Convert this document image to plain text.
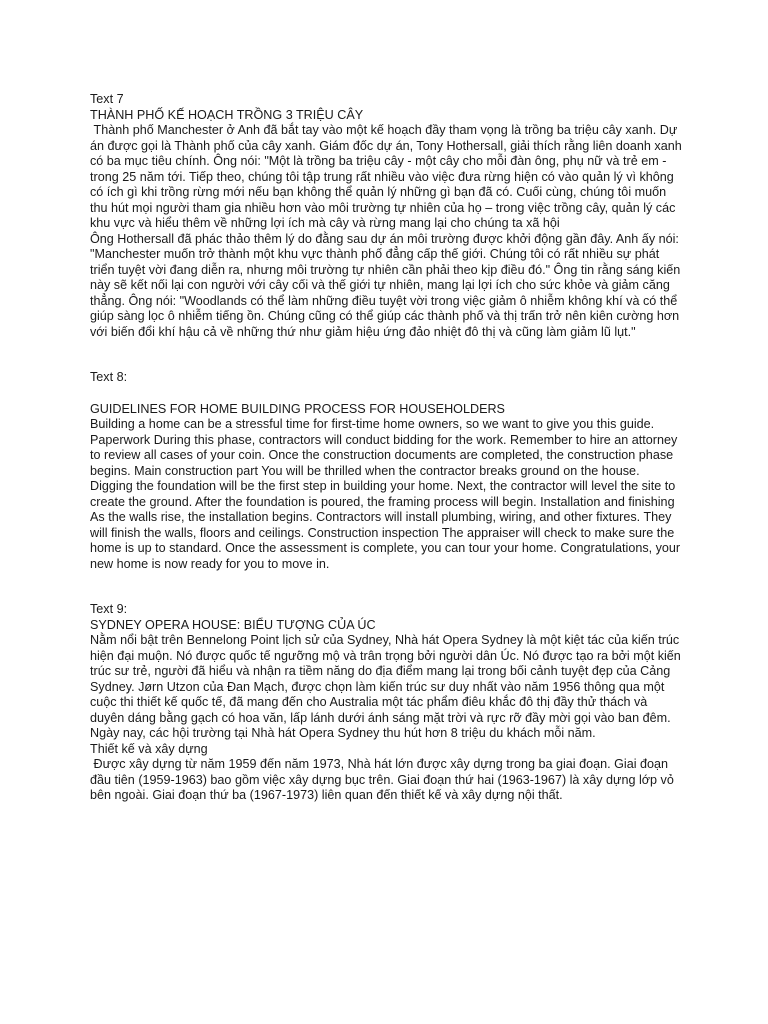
Text 7

THÀNH PHỐ KẾ HOẠCH TRỒNG 3 TRIỆU CÂY

Thành phố Manchester ở Anh đã bắt tay vào một kế hoạch đầy tham vọng là trồng ba triệu cây xanh. Dự án được gọi là Thành phố của cây xanh. Giám đốc dự án, Tony Hothersall, giải thích rằng liên doanh xanh có ba mục tiêu chính. Ông nói: "Một là trồng ba triệu cây - một cây cho mỗi đàn ông, phụ nữ và trẻ em - trong 25 năm tới. Tiếp theo, chúng tôi tập trung rất nhiều vào việc đưa rừng hiện có vào quản lý vì không có ích gì khi trồng rừng mới nếu bạn không thể quản lý những gì bạn đã có. Cuối cùng, chúng tôi muốn thu hút mọi người tham gia nhiều hơn vào môi trường tự nhiên của họ – trong việc trồng cây, quản lý các khu vực và hiểu thêm về những lợi ích mà cây và rừng mang lại cho chúng ta xã hội

Ông Hothersall đã phác thảo thêm lý do đằng sau dự án môi trường được khởi động gần đây. Anh ấy nói: "Manchester muốn trở thành một khu vực thành phố đẳng cấp thế giới. Chúng tôi có rất nhiều sự phát triển tuyệt vời đang diễn ra, nhưng môi trường tự nhiên cần phải theo kịp điều đó." Ông tin rằng sáng kiến này sẽ kết nối lại con người với cây cối và thế giới tự nhiên, mang lại lợi ích cho sức khỏe và giảm căng thẳng. Ông nói: "Woodlands có thể làm những điều tuyệt vời trong việc giảm ô nhiễm không khí và có thể giúp sàng lọc ô nhiễm tiếng ồn. Chúng cũng có thể giúp các thành phố và thị trấn trở nên kiên cường hơn với biến đổi khí hậu cả về những thứ như giảm hiệu ứng đảo nhiệt đô thị và cũng làm giảm lũ lụt."

Text 8:

GUIDELINES FOR HOME BUILDING PROCESS FOR HOUSEHOLDERS

Building a home can be a stressful time for first-time home owners, so we want to give you this guide.

Paperwork During this phase, contractors will conduct bidding for the work. Remember to hire an attorney to review all cases of your coin. Once the construction documents are completed, the construction phase begins. Main construction part You will be thrilled when the contractor breaks ground on the house. Digging the foundation will be the first step in building your home. Next, the contractor will level the site to create the ground. After the foundation is poured, the framing process will begin. Installation and finishing As the walls rise, the installation begins. Contractors will install plumbing, wiring, and other fixtures. They will finish the walls, floors and ceilings. Construction inspection The appraiser will check to make sure the home is up to standard. Once the assessment is complete, you can tour your home. Congratulations, your new home is now ready for you to move in.

Text 9:

SYDNEY OPERA HOUSE: BIỂU TƯỢNG CỦA ÚC

Nằm nổi bật trên Bennelong Point lịch sử của Sydney, Nhà hát Opera Sydney là một kiệt tác của kiến trúc hiện đại muộn. Nó được quốc tế ngưỡng mộ và trân trọng bởi người dân Úc. Nó được tạo ra bởi một kiến trúc sư trẻ, người đã hiểu và nhận ra tiềm năng do địa điểm mang lại trong bối cảnh tuyệt đẹp của Cảng Sydney. Jørn Utzon của Đan Mạch, được chọn làm kiến trúc sư duy nhất vào năm 1956 thông qua một cuộc thi thiết kế quốc tế, đã mang đến cho Australia một tác phẩm điêu khắc đô thị đầy thử thách và duyên dáng bằng gạch có hoa văn, lấp lánh dưới ánh sáng mặt trời và rực rỡ đầy mời gọi vào ban đêm. Ngày nay, các hội trường tại Nhà hát Opera Sydney thu hút hơn 8 triệu du khách mỗi năm.

Thiết kế và xây dựng

Được xây dựng từ năm 1959 đến năm 1973, Nhà hát lớn được xây dựng trong ba giai đoạn. Giai đoạn đầu tiên (1959-1963) bao gồm việc xây dựng bục trên. Giai đoạn thứ hai (1963-1967) là xây dựng lớp vỏ bên ngoài. Giai đoạn thứ ba (1967-1973) liên quan đến thiết kế và xây dựng nội thất.
